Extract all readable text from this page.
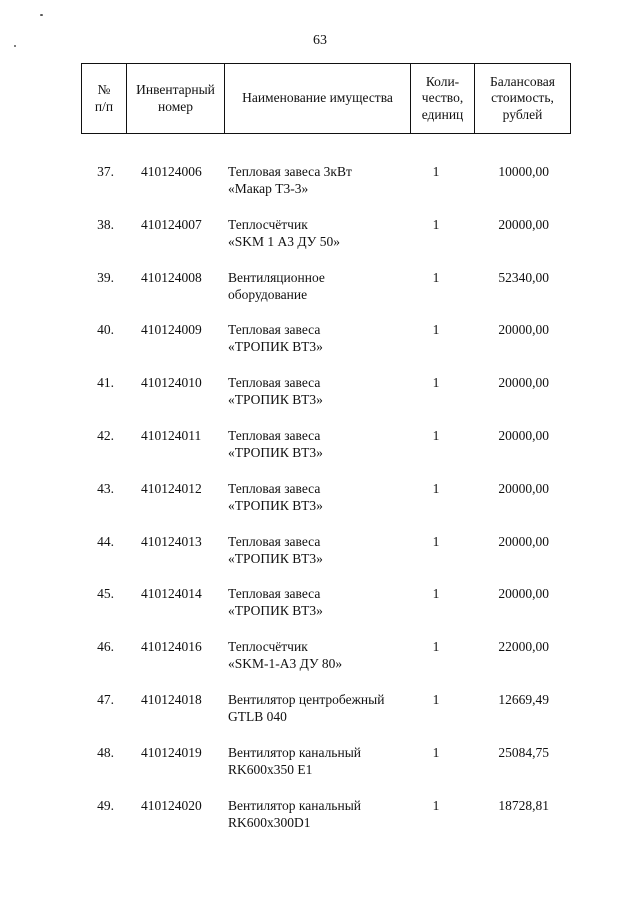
63
№
п/п

Инвентарный
номер

Наименование имущества

Коли-
чество,
единиц

Балансовая
стоимость,
рублей
37. 410124006 Тепловая завеса 3кВт
«Макар Т3-3»
1	10000,00
38. 410124007 Теплосчётчик
«SKM 1 А3 ДУ 50»
1	20000,00
39. 410124008 Вентиляционное
оборудование
1	52340,00
40. 410124009 Тепловая завеса
«ТРОПИК ВТ3»
1	20000,00
41. 410124010 Тепловая завеса
«ТРОПИК ВТ3»
1	20000,00
42. 410124011 Тепловая завеса
«ТРОПИК ВТ3»
1	20000,00
43. 410124012 Тепловая завеса
«ТРОПИК ВТ3»
1	20000,00
44. 410124013 Тепловая завеса
«ТРОПИК ВТ3»
1	20000,00
45. 410124014 Тепловая завеса
«ТРОПИК ВТ3»
1	20000,00
46. 410124016 Теплосчётчик
«SKM-1-А3 ДУ 80»
1	22000,00
47. 410124018 Вентилятор центробежный
GTLB 040
1	12669,49
48. 410124019 Вентилятор канальный
RK600x350 E1
1	25084,75
49. 410124020 Вентилятор канальный
RK600x300D1
1	18728,81
